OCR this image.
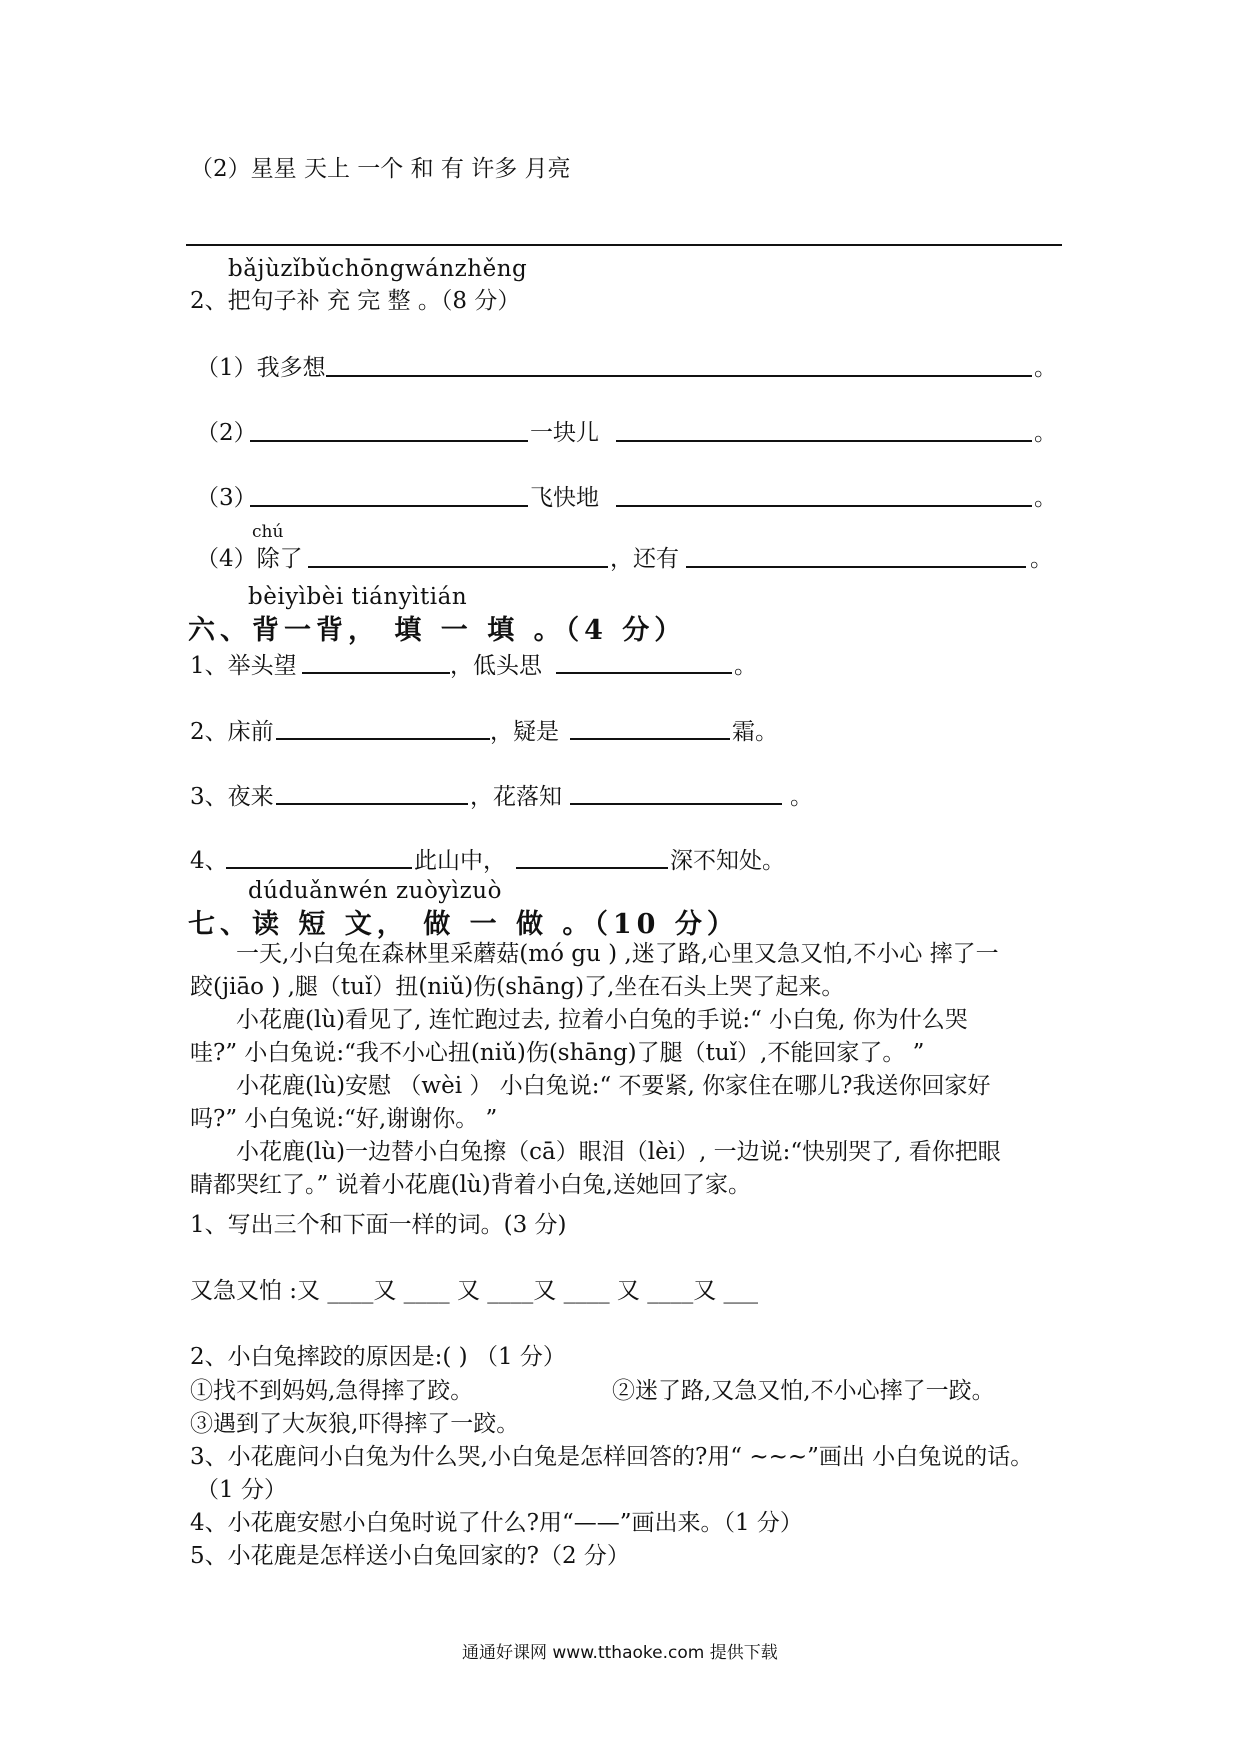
（2）星星 天上 一个 和 有 许多 月亮
bǎjùzǐbǔchōngwánzhěng
2、把句子补 充 完 整 。（8 分）
（1）我多想	。
（2）	一块儿	。
（3）	飞快地	。
chú
（4）除了	，还有	。
bèiyìbèi tiányìtián
六、背一背， 填 一 填 。（4 分）
1、举头望	，低头思	。
2、床前	，疑是	霜。
3、夜来	，花落知	。
4、	此山中，	深不知处。
dúduǎnwén zuòyìzuò
七、读 短 文， 做 一 做 。（10 分）
一天,小白兔在森林里采蘑菇(mó gu ) ,迷了路,心里又急又怕,不小心 摔了一
跤(jiāo ) ,腿（tuǐ）扭(niǔ)伤(shāng)了,坐在石头上哭了起来。
小花鹿(lù)看见了, 连忙跑过去, 拉着小白兔的手说:“ 小白兔, 你为什么哭
哇?” 小白兔说:“我不小心扭(niǔ)伤(shāng)了腿（tuǐ）,不能回家了。 ”
小花鹿(lù)安慰 （wèi ） 小白兔说:“ 不要紧, 你家住在哪儿?我送你回家好
吗?” 小白兔说:“好,谢谢你。 ”
小花鹿(lù)一边替小白兔擦（cā）眼泪（lèi）, 一边说:“快别哭了, 看你把眼
睛都哭红了。” 说着小花鹿(lù)背着小白兔,送她回了家。
1、写出三个和下面一样的词。(3 分)
又急又怕 :又 ____又 ____ 又 ____又 ____ 又 ____又 ___
2、小白兔摔跤的原因是:( ) （1 分）
①找不到妈妈,急得摔了跤。	②迷了路,又急又怕,不小心摔了一跤。
③遇到了大灰狼,吓得摔了一跤。
3、小花鹿问小白兔为什么哭,小白兔是怎样回答的?用“ ~~~”画出 小白兔说的话。
（1 分）
4、小花鹿安慰小白兔时说了什么?用“——”画出来。（1 分）
5、小花鹿是怎样送小白兔回家的?（2 分）
通通好课网 www.tthaoke.com 提供下载
